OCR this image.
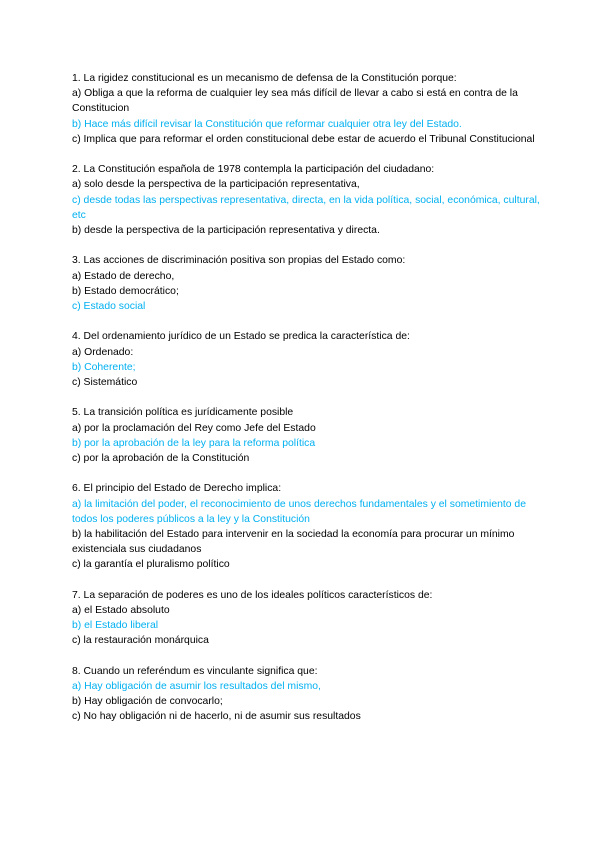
1. La rigidez constitucional es un mecanismo de defensa de la Constitución porque:

a) Obliga a que la reforma de cualquier ley sea más difícil de llevar a cabo si está en contra de la Constitucion

b) Hace más difícil revisar la Constitución que reformar cualquier otra ley del Estado.

c) Implica que para reformar el orden constitucional debe estar de acuerdo el Tribunal Constitucional

2. La Constitución española de 1978 contempla la participación del ciudadano:

a) solo desde la perspectiva de la participación representativa,

c) desde todas las perspectivas representativa, directa, en la vida política, social, económica, cultural, etc

b) desde la perspectiva de la participación representativa y directa.

3. Las acciones de discriminación positiva son propias del Estado como:

a) Estado de derecho,

b) Estado democrático;

c) Estado social

4. Del ordenamiento jurídico de un Estado se predica la característica de:

a) Ordenado:

b) Coherente;

c) Sistemático

5. La transición política es jurídicamente posible

a) por la proclamación del Rey como Jefe del Estado

b) por la aprobación de la ley para la reforma política

c) por la aprobación de la Constitución

6. El principio del Estado de Derecho implica:

a) la limitación del poder, el reconocimiento de unos derechos fundamentales y el sometimiento de todos los poderes públicos a la ley y la Constitución

b) la habilitación del Estado para intervenir en la sociedad la economía para procurar un mínimo existenciala sus ciudadanos

c) la garantía el pluralismo político

7. La separación de poderes es uno de los ideales políticos característicos de:

a) el Estado absoluto

b) el Estado liberal

c) la restauración monárquica

8. Cuando un referéndum es vinculante significa que:

a) Hay obligación de asumir los resultados del mismo,

b) Hay obligación de convocarlo;

c) No hay obligación ni de hacerlo, ni de asumir sus resultados
